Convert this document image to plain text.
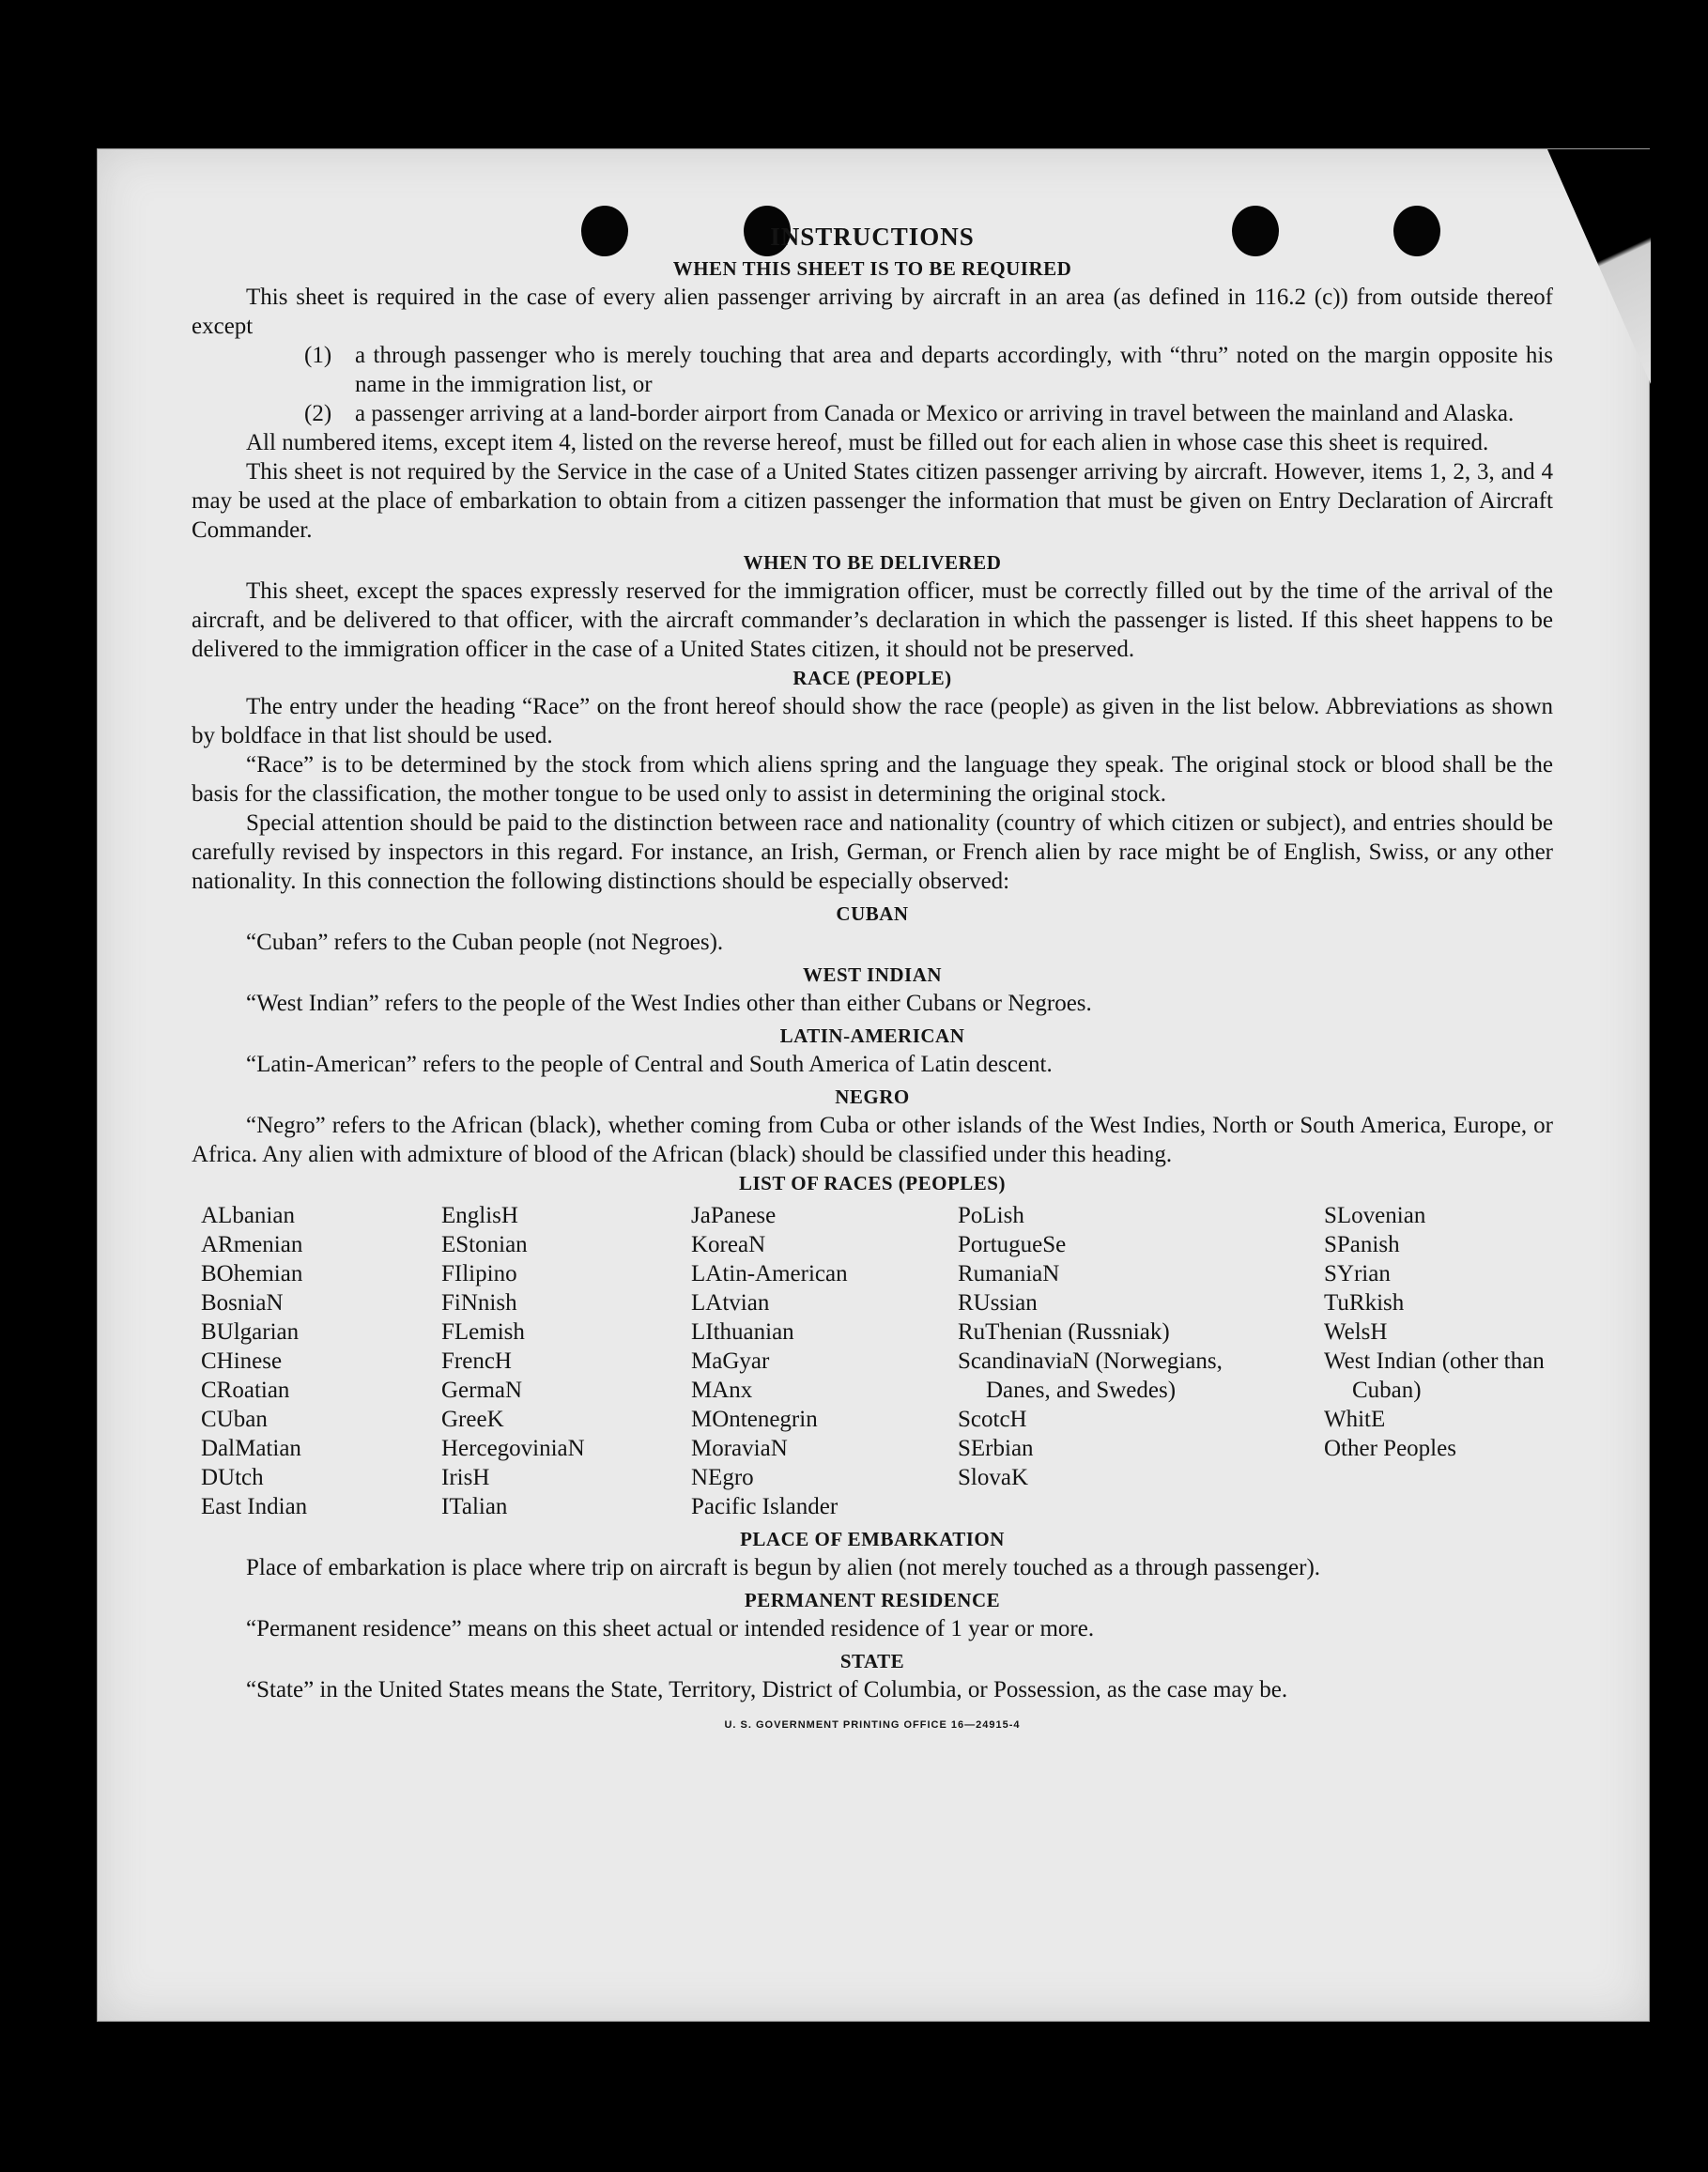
INSTRUCTIONS
WHEN THIS SHEET IS TO BE REQUIRED

This sheet is required in the case of every alien passenger arriving by aircraft in an area (as defined in 116.2 (c)) from outside thereof except

(1) a through passenger who is merely touching that area and departs accordingly, with “thru” noted on the margin opposite his name in the immigration list, or
(2) a passenger arriving at a land-border airport from Canada or Mexico or arriving in travel between the mainland and Alaska.

All numbered items, except item 4, listed on the reverse hereof, must be filled out for each alien in whose case this sheet is required.

This sheet is not required by the Service in the case of a United States citizen passenger arriving by aircraft. However, items 1, 2, 3, and 4 may be used at the place of embarkation to obtain from a citizen passenger the information that must be given on Entry Declaration of Aircraft Commander.

WHEN TO BE DELIVERED

This sheet, except the spaces expressly reserved for the immigration officer, must be correctly filled out by the time of the arrival of the aircraft, and be delivered to that officer, with the aircraft commander’s declaration in which the passenger is listed. If this sheet happens to be delivered to the immigration officer in the case of a United States citizen, it should not be preserved.

RACE (PEOPLE)

The entry under the heading “Race” on the front hereof should show the race (people) as given in the list below. Abbreviations as shown by boldface in that list should be used.

“Race” is to be determined by the stock from which aliens spring and the language they speak. The original stock or blood shall be the basis for the classification, the mother tongue to be used only to assist in determining the original stock.

Special attention should be paid to the distinction between race and nationality (country of which citizen or subject), and entries should be carefully revised by inspectors in this regard. For instance, an Irish, German, or French alien by race might be of English, Swiss, or any other nationality. In this connection the following distinctions should be especially observed:

CUBAN
“Cuban” refers to the Cuban people (not Negroes).
WEST INDIAN
“West Indian” refers to the people of the West Indies other than either Cubans or Negroes.
LATIN-AMERICAN
“Latin-American” refers to the people of Central and South America of Latin descent.
NEGRO

“Negro” refers to the African (black), whether coming from Cuba or other islands of the West Indies, North or South America, Europe, or Africa. Any alien with admixture of blood of the African (black) should be classified under this heading.

LIST OF RACES (PEOPLES)
ALbanian
ARmenian
BOhemian
BosniaN
BUlgarian
CHinese
CRoatian
CUban
DalMatian
DUtch
East Indian
EnglisH
EStonian
FIlipino
FiNnish
FLemish
FrencH
GermaN
GreeK
HercegoviniaN
IrisH
ITalian
JaPanese
KoreaN
LAtin-American
LAtvian
LIthuanian
MaGyar
MAnx
MOntenegrin
MoraviaN
NEgro
Pacific Islander
PoLish
PortugueSe
RumaniaN
RUssian
RuThenian (Russniak)
ScandinaviaN (Norwegians, Danes, and Swedes)
ScotcH
SErbian
SlovaK
SLovenian
SPanish
SYrian
TuRkish
WelsH
West Indian (other than Cuban)
WhitE
Other Peoples
PLACE OF EMBARKATION

Place of embarkation is place where trip on aircraft is begun by alien (not merely touched as a through passenger).

PERMANENT RESIDENCE
“Permanent residence” means on this sheet actual or intended residence of 1 year or more.
STATE

“State” in the United States means the State, Territory, District of Columbia, or Possession, as the case may be.

U. S. GOVERNMENT PRINTING OFFICE 16—24915-4
